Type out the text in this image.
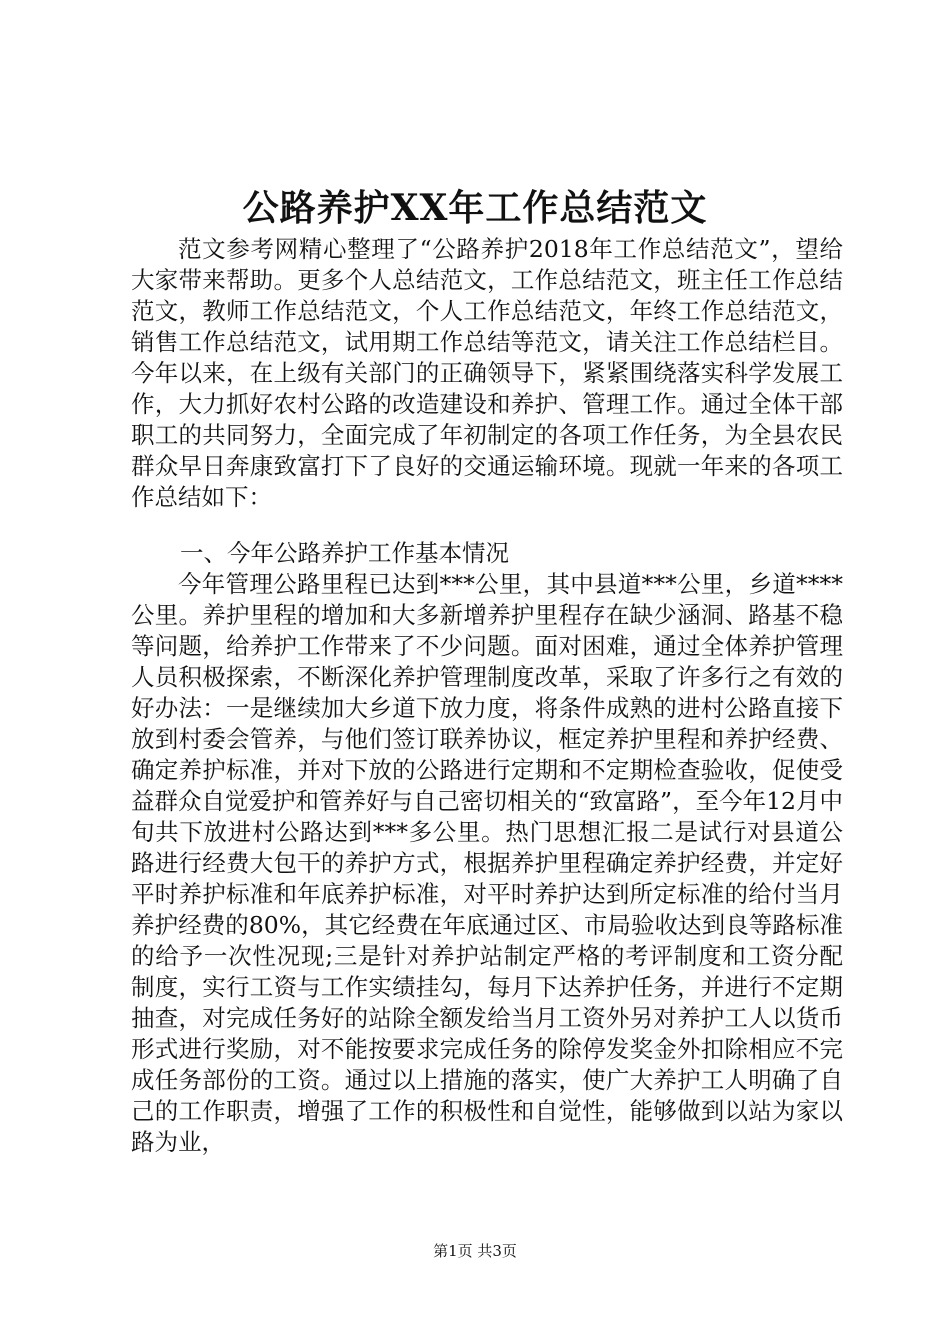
公路养护XX年工作总结范文

范文参考网精心整理了“公路养护2018年工作总结范文”，望给大家带来帮助。更多个人总结范文，工作总结范文，班主任工作总结范文，教师工作总结范文，个人工作总结范文，年终工作总结范文，销售工作总结范文，试用期工作总结等范文，请关注工作总结栏目。今年以来，在上级有关部门的正确领导下，紧紧围绕落实科学发展工作，大力抓好农村公路的改造建设和养护、管理工作。通过全体干部职工的共同努力，全面完成了年初制定的各项工作任务，为全县农民群众早日奔康致富打下了良好的交通运输环境。现就一年来的各项工作总结如下：

一、今年公路养护工作基本情况

今年管理公路里程已达到***公里，其中县道***公里，乡道****公里。养护里程的增加和大多新增养护里程存在缺少涵洞、路基不稳等问题，给养护工作带来了不少问题。面对困难，通过全体养护管理人员积极探索，不断深化养护管理制度改革，采取了许多行之有效的好办法：一是继续加大乡道下放力度，将条件成熟的进村公路直接下放到村委会管养，与他们签订联养协议，框定养护里程和养护经费、确定养护标准，并对下放的公路进行定期和不定期检查验收，促使受益群众自觉爱护和管养好与自己密切相关的“致富路”，至今年12月中旬共下放进村公路达到***多公里。热门思想汇报二是试行对县道公路进行经费大包干的养护方式，根据养护里程确定养护经费，并定好平时养护标准和年底养护标准，对平时养护达到所定标准的给付当月养护经费的80%，其它经费在年底通过区、市局验收达到良等路标准的给予一次性况现;三是针对养护站制定严格的考评制度和工资分配制度，实行工资与工作实绩挂勾，每月下达养护任务，并进行不定期抽查，对完成任务好的站除全额发给当月工资外另对养护工人以货币形式进行奖励，对不能按要求完成任务的除停发奖金外扣除相应不完成任务部份的工资。通过以上措施的落实，使广大养护工人明确了自己的工作职责，增强了工作的积极性和自觉性，能够做到以站为家以路为业，

第1页 共3页
